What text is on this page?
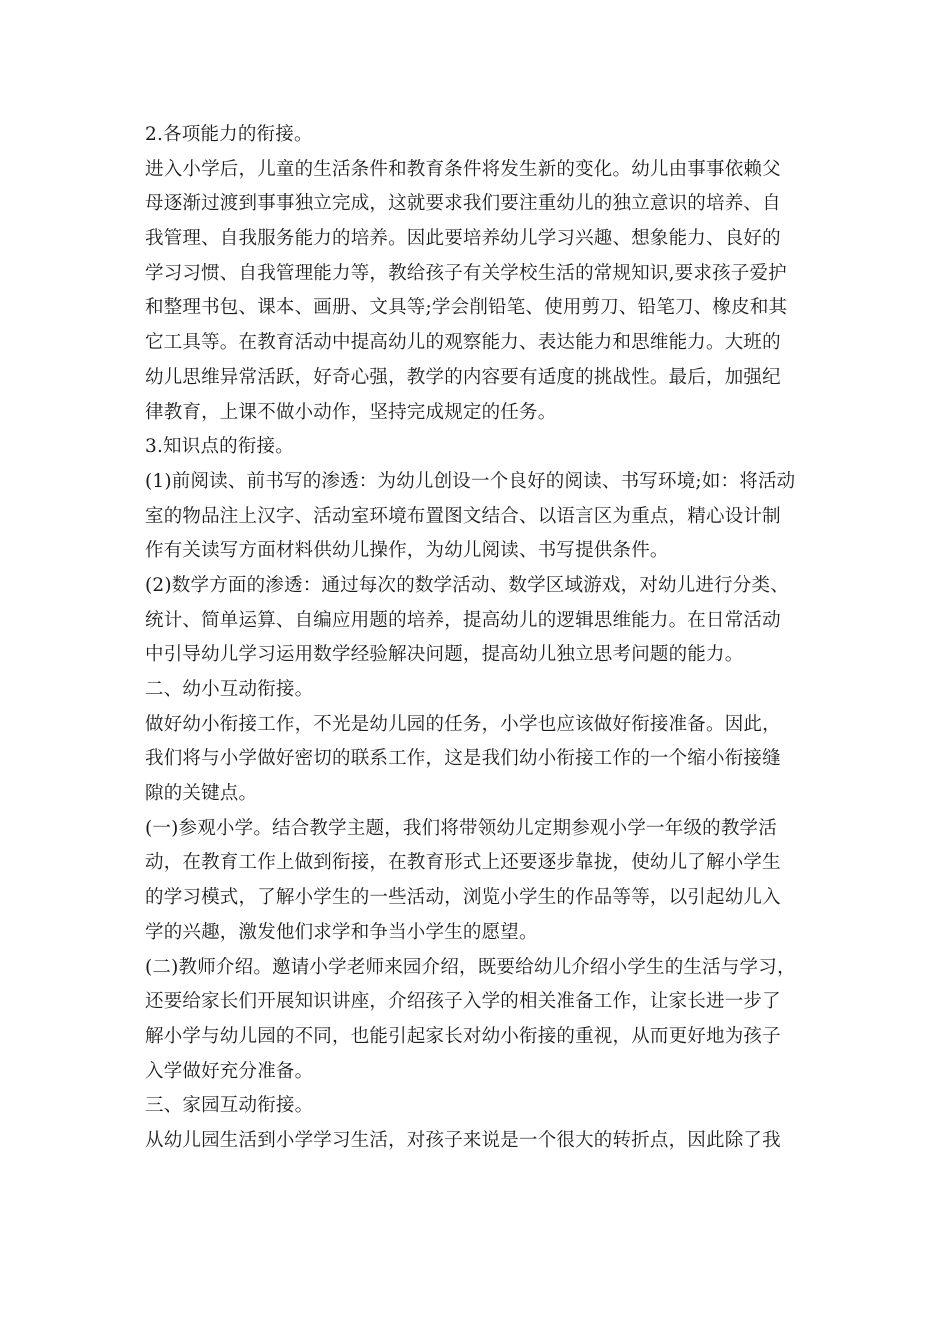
2.各项能力的衔接。
进入小学后，儿童的生活条件和教育条件将发生新的变化。幼儿由事事依赖父
母逐渐过渡到事事独立完成，这就要求我们要注重幼儿的独立意识的培养、自
我管理、自我服务能力的培养。因此要培养幼儿学习兴趣、想象能力、良好的
学习习惯、自我管理能力等，教给孩子有关学校生活的常规知识,要求孩子爱护
和整理书包、课本、画册、文具等;学会削铅笔、使用剪刀、铅笔刀、橡皮和其
它工具等。在教育活动中提高幼儿的观察能力、表达能力和思维能力。大班的
幼儿思维异常活跃，好奇心强，教学的内容要有适度的挑战性。最后，加强纪
律教育，上课不做小动作，坚持完成规定的任务。
3.知识点的衔接。
(1)前阅读、前书写的渗透：为幼儿创设一个良好的阅读、书写环境;如：将活动
室的物品注上汉字、活动室环境布置图文结合、以语言区为重点，精心设计制
作有关读写方面材料供幼儿操作，为幼儿阅读、书写提供条件。
(2)数学方面的渗透：通过每次的数学活动、数学区域游戏，对幼儿进行分类、
统计、简单运算、自编应用题的培养，提高幼儿的逻辑思维能力。在日常活动
中引导幼儿学习运用数学经验解决问题，提高幼儿独立思考问题的能力。
二、幼小互动衔接。
做好幼小衔接工作，不光是幼儿园的任务，小学也应该做好衔接准备。因此，
我们将与小学做好密切的联系工作，这是我们幼小衔接工作的一个缩小衔接缝
隙的关键点。
(一)参观小学。结合教学主题，我们将带领幼儿定期参观小学一年级的教学活
动，在教育工作上做到衔接，在教育形式上还要逐步靠拢，使幼儿了解小学生
的学习模式，了解小学生的一些活动，浏览小学生的作品等等，以引起幼儿入
学的兴趣，激发他们求学和争当小学生的愿望。
(二)教师介绍。邀请小学老师来园介绍，既要给幼儿介绍小学生的生活与学习，
还要给家长们开展知识讲座，介绍孩子入学的相关准备工作，让家长进一步了
解小学与幼儿园的不同，也能引起家长对幼小衔接的重视，从而更好地为孩子
入学做好充分准备。
三、家园互动衔接。
从幼儿园生活到小学学习生活，对孩子来说是一个很大的转折点，因此除了我
